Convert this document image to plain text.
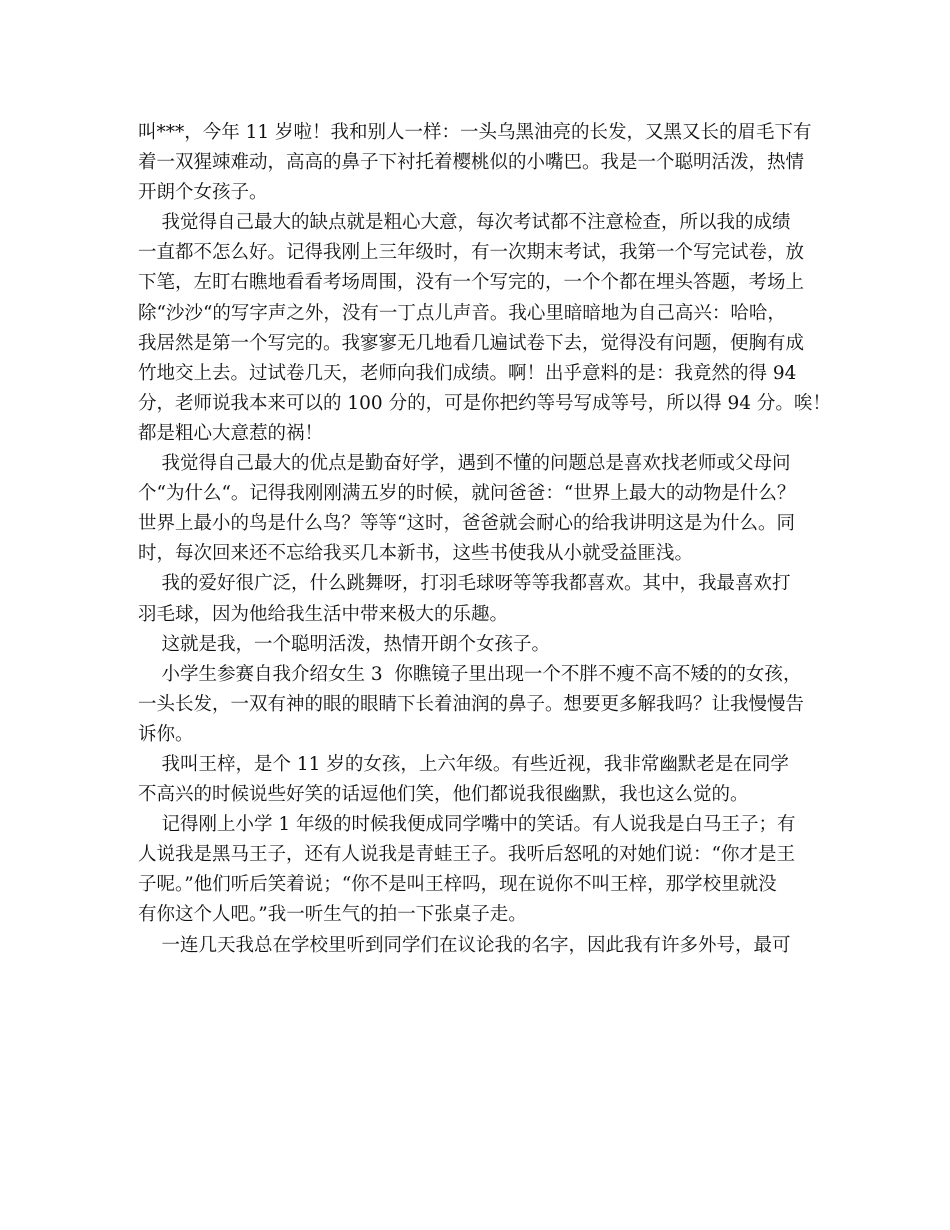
叫***，今年 11 岁啦！我和别人一样：一头乌黑油亮的长发，又黑又长的眉毛下有
着一双猩竦难动，高高的鼻子下衬托着樱桃似的小嘴巴。我是一个聪明活泼，热情
开朗个女孩子。
我觉得自己最大的缺点就是粗心大意，每次考试都不注意检查，所以我的成绩
一直都不怎么好。记得我刚上三年级时，有一次期末考试，我第一个写完试卷，放
下笔，左盯右瞧地看看考场周围，没有一个写完的，一个个都在埋头答题，考场上
除“沙沙“的写字声之外，没有一丁点儿声音。我心里暗暗地为自己高兴：哈哈，
我居然是第一个写完的。我寥寥无几地看几遍试卷下去，觉得没有问题，便胸有成
竹地交上去。过试卷几天，老师向我们成绩。啊！出乎意料的是：我竟然的得 94
分，老师说我本来可以的 100 分的，可是你把约等号写成等号，所以得 94 分。唉！
都是粗心大意惹的祸！
我觉得自己最大的优点是勤奋好学，遇到不懂的问题总是喜欢找老师或父母问
个“为什么“。记得我刚刚满五岁的时候，就问爸爸：“世界上最大的动物是什么？
世界上最小的鸟是什么鸟？等等“这时，爸爸就会耐心的给我讲明这是为什么。同
时，每次回来还不忘给我买几本新书，这些书使我从小就受益匪浅。
我的爱好很广泛，什么跳舞呀，打羽毛球呀等等我都喜欢。其中，我最喜欢打
羽毛球，因为他给我生活中带来极大的乐趣。
这就是我，一个聪明活泼，热情开朗个女孩子。
小学生参赛自我介绍女生 3  你瞧镜子里出现一个不胖不瘦不高不矮的的女孩，
一头长发，一双有神的眼的眼睛下长着油润的鼻子。想要更多解我吗？让我慢慢告
诉你。
我叫王梓，是个 11 岁的女孩，上六年级。有些近视，我非常幽默老是在同学
不高兴的时候说些好笑的话逗他们笑，他们都说我很幽默，我也这么觉的。
记得刚上小学 1 年级的时候我便成同学嘴中的笑话。有人说我是白马王子；有
人说我是黑马王子，还有人说我是青蛙王子。我听后怒吼的对她们说：“你才是王
子呢。”他们听后笑着说；“你不是叫王梓吗，现在说你不叫王梓，那学校里就没
有你这个人吧。”我一听生气的拍一下张桌子走。
一连几天我总在学校里听到同学们在议论我的名字，因此我有许多外号，最可
